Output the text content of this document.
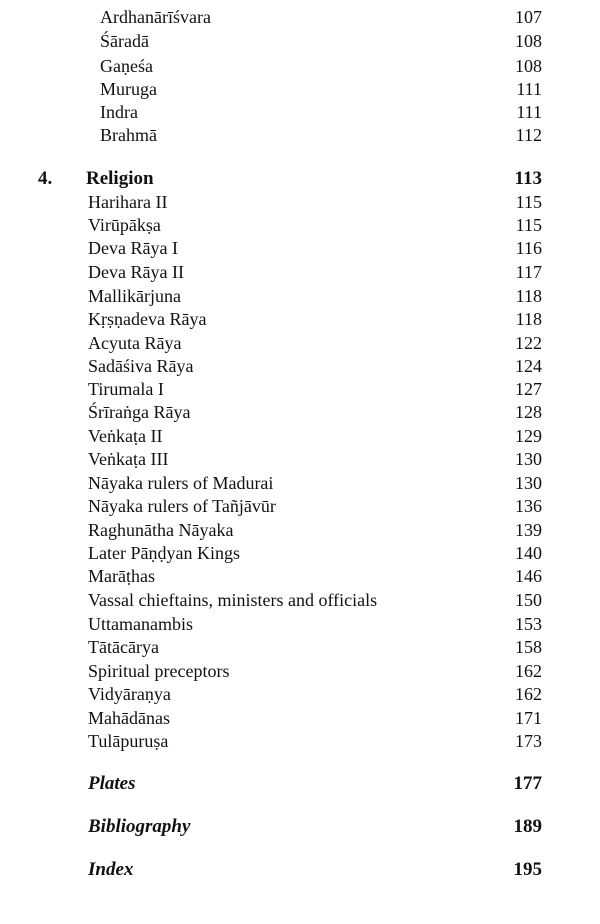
Ardhanārīśvara	107
Śāradā	108
Gaṇeśa	108
Muruga	111
Indra	111
Brahmā	112
4. Religion	113
Harihara II	115
Virūpākṣa	115
Deva Rāya I	116
Deva Rāya II	117
Mallikārjuna	118
Kṛṣṇadeva Rāya	118
Acyuta Rāya	122
Sadāśiva Rāya	124
Tirumala I	127
Śrīraṅga Rāya	128
Veṅkaṭa II	129
Veṅkaṭa III	130
Nāyaka rulers of Madurai	130
Nāyaka rulers of Tañjāvūr	136
Raghunātha Nāyaka	139
Later Pāṇḍyan Kings	140
Marāṭhas	146
Vassal chieftains, ministers and officials	150
Uttamanambis	153
Tātācārya	158
Spiritual preceptors	162
Vidyāraṇya	162
Mahādānas	171
Tulāpuruṣa	173
Plates	177
Bibliography	189
Index	195
